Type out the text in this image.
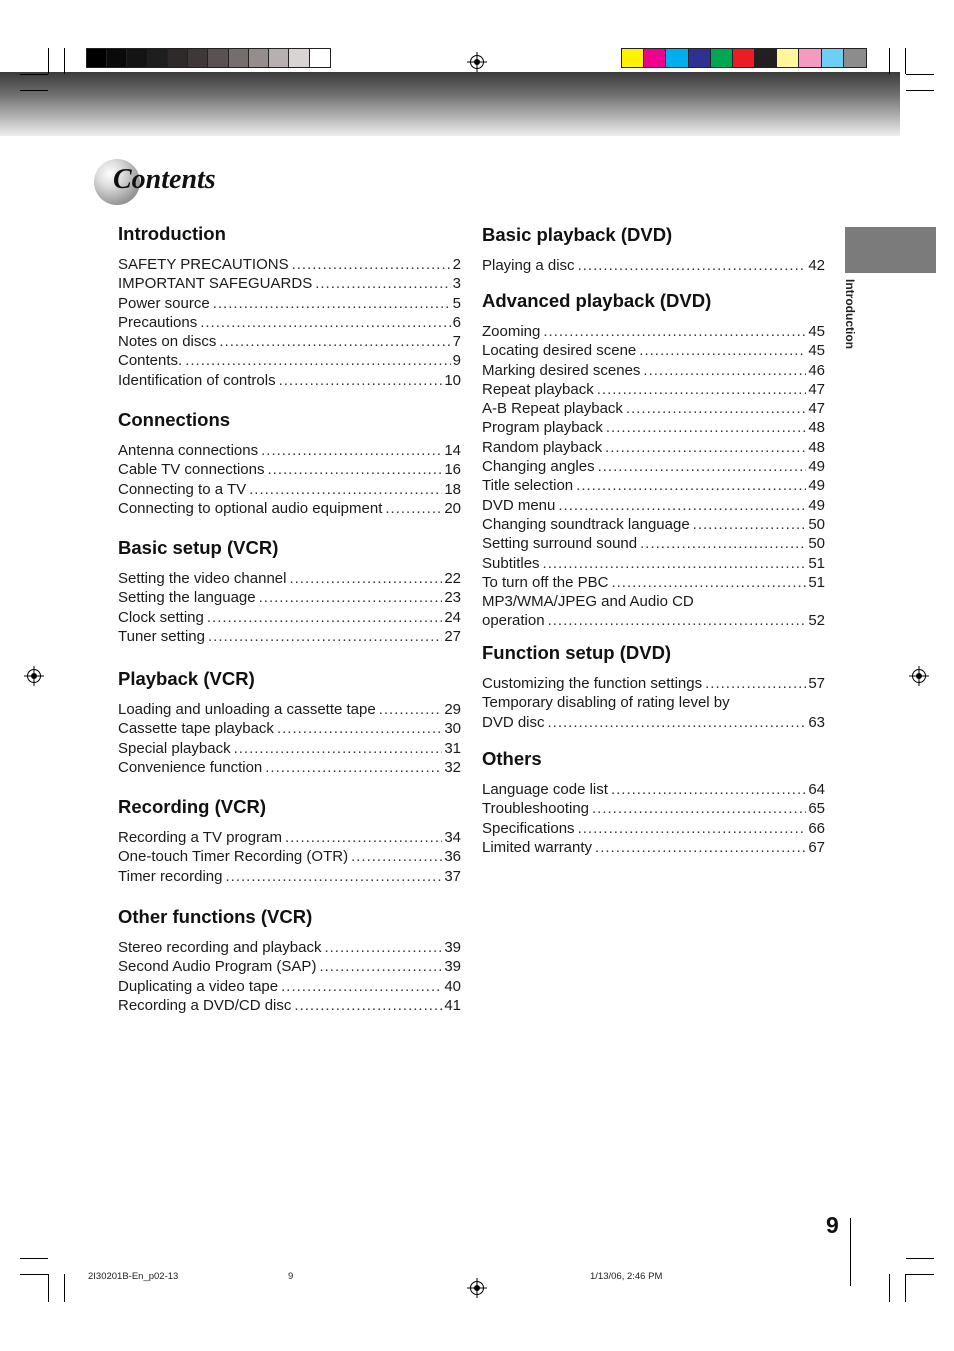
Contents
Introduction
Introduction
SAFETY PRECAUTIONS .....	2
IMPORTANT SAFEGUARDS .....	3
Power source .....	5
Precautions .....	6
Notes on discs .....	7
Contents. .....	9
Identification of controls .....	10
Connections
Antenna connections .....	14
Cable TV connections .....	16
Connecting to a TV .....	18
Connecting to optional audio equipment .....	20
Basic setup (VCR)
Setting the video channel .....	22
Setting the language .....	23
Clock setting .....	24
Tuner setting .....	27
Playback (VCR)
Loading and unloading a cassette tape .....	29
Cassette tape playback .....	30
Special playback .....	31
Convenience function .....	32
Recording (VCR)
Recording a TV program .....	34
One-touch Timer Recording (OTR) .....	36
Timer recording .....	37
Other functions (VCR)
Stereo recording and playback .....	39
Second Audio Program (SAP) .....	39
Duplicating a video tape .....	40
Recording a DVD/CD disc .....	41
Basic playback (DVD)
Playing a disc .....	42
Advanced playback (DVD)
Zooming .....	45
Locating desired scene .....	45
Marking desired scenes .....	46
Repeat playback .....	47
A-B Repeat playback .....	47
Program playback .....	48
Random playback .....	48
Changing angles .....	49
Title selection .....	49
DVD menu .....	49
Changing soundtrack language .....	50
Setting surround sound .....	50
Subtitles .....	51
To turn off the PBC .....	51
MP3/WMA/JPEG and Audio CD
operation .....	52
Function setup (DVD)
Customizing the function settings .....	57
Temporary disabling of rating level by
DVD disc .....	63
Others
Language code list .....	64
Troubleshooting .....	65
Specifications .....	66
Limited warranty .....	67
9
2I30201B-En_p02-13	9	1/13/06, 2:46 PM
